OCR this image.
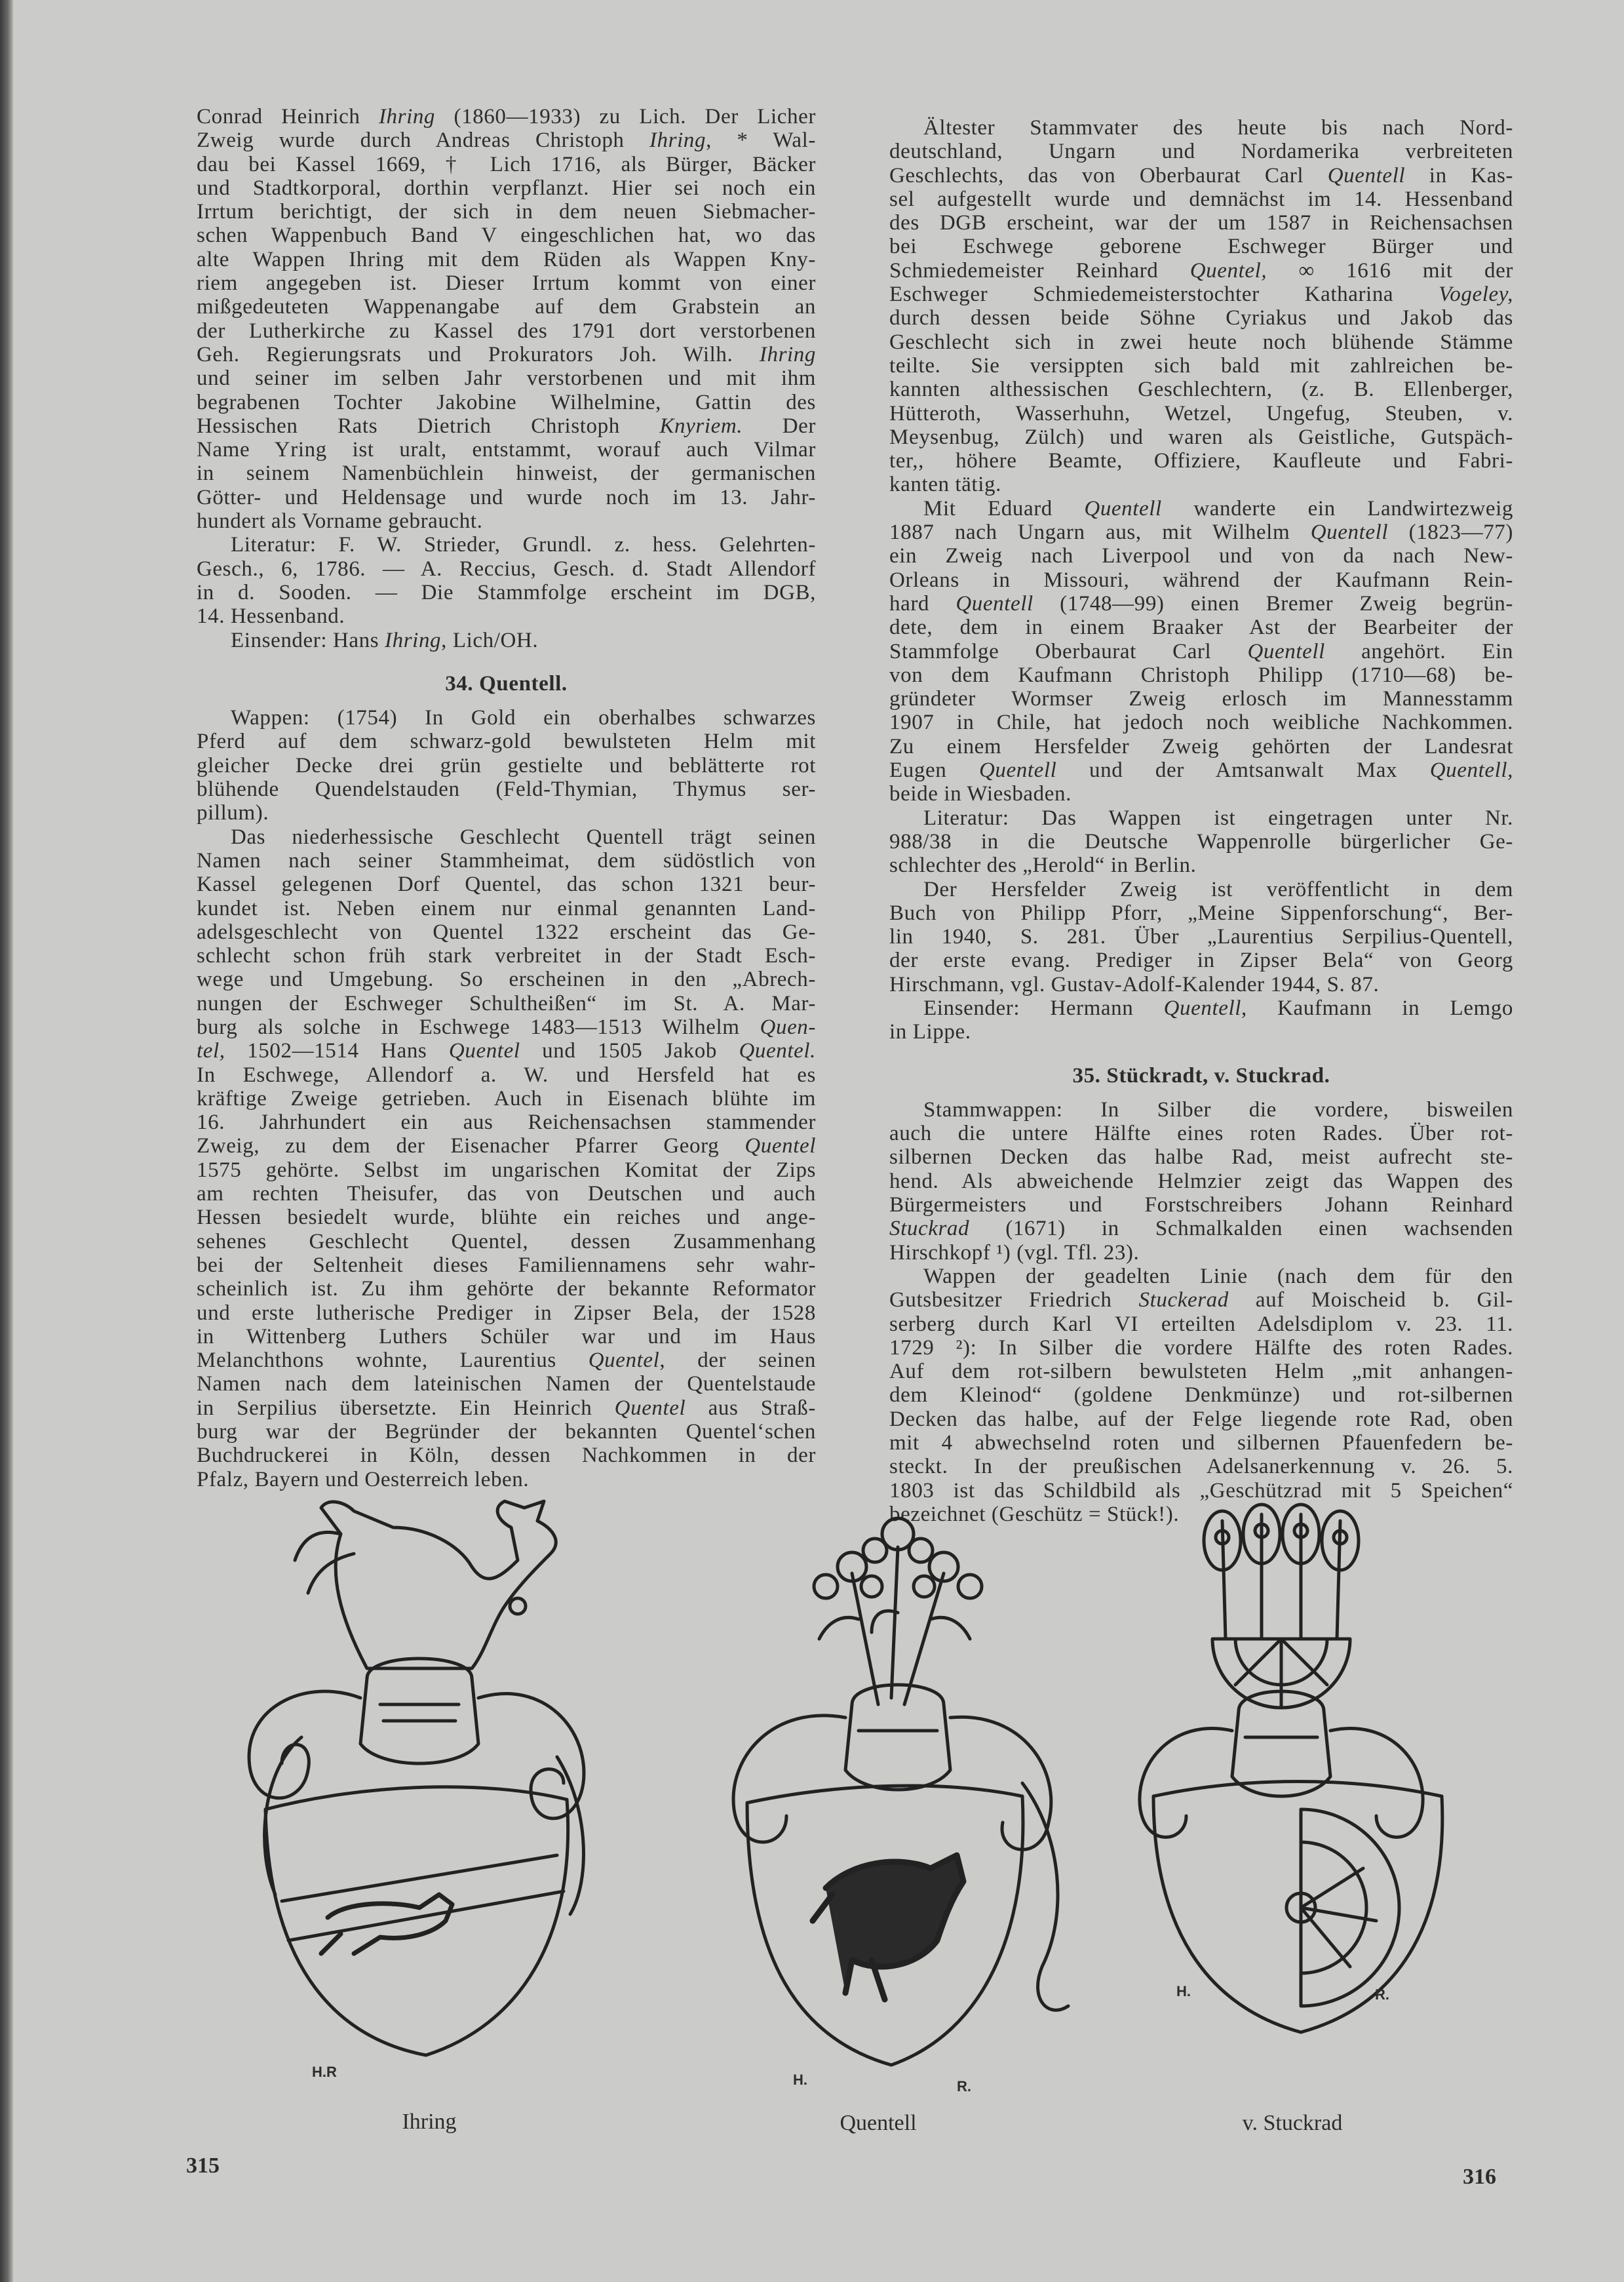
Conrad Heinrich Ihring (1860—1933) zu Lich. Der Licher
Zweig wurde durch Andreas Christoph Ihring, * Wal-
dau bei Kassel 1669, † Lich 1716, als Bürger, Bäcker
und Stadtkorporal, dorthin verpflanzt. Hier sei noch ein
Irrtum berichtigt, der sich in dem neuen Siebmacher-
schen Wappenbuch Band V eingeschlichen hat, wo das
alte Wappen Ihring mit dem Rüden als Wappen Kny-
riem angegeben ist. Dieser Irrtum kommt von einer
mißgedeuteten Wappenangabe auf dem Grabstein an
der Lutherkirche zu Kassel des 1791 dort verstorbenen
Geh. Regierungsrats und Prokurators Joh. Wilh. Ihring
und seiner im selben Jahr verstorbenen und mit ihm
begrabenen Tochter Jakobine Wilhelmine, Gattin des
Hessischen Rats Dietrich Christoph Knyriem. Der
Name Yring ist uralt, entstammt, worauf auch Vilmar
in seinem Namenbüchlein hinweist, der germanischen
Götter- und Heldensage und wurde noch im 13. Jahr-
hundert als Vorname gebraucht.
Literatur: F. W. Strieder, Grundl. z. hess. Gelehrten-
Gesch., 6, 1786. — A. Reccius, Gesch. d. Stadt Allendorf
in d. Sooden. — Die Stammfolge erscheint im DGB,
14. Hessenband.
Einsender: Hans Ihring, Lich/OH.
34. Quentell.
Wappen: (1754) In Gold ein oberhalbes schwarzes
Pferd auf dem schwarz-gold bewulsteten Helm mit
gleicher Decke drei grün gestielte und beblätterte rot
blühende Quendelstauden (Feld-Thymian, Thymus ser-
pillum).
Das niederhessische Geschlecht Quentell trägt seinen
Namen nach seiner Stammheimat, dem südöstlich von
Kassel gelegenen Dorf Quentel, das schon 1321 beur-
kundet ist. Neben einem nur einmal genannten Land-
adelsgeschlecht von Quentel 1322 erscheint das Ge-
schlecht schon früh stark verbreitet in der Stadt Esch-
wege und Umgebung. So erscheinen in den „Abrech-
nungen der Eschweger Schultheißen“ im St. A. Mar-
burg als solche in Eschwege 1483—1513 Wilhelm Quen-
tel, 1502—1514 Hans Quentel und 1505 Jakob Quentel.
In Eschwege, Allendorf a. W. und Hersfeld hat es
kräftige Zweige getrieben. Auch in Eisenach blühte im
16. Jahrhundert ein aus Reichensachsen stammender
Zweig, zu dem der Eisenacher Pfarrer Georg Quentel
1575 gehörte. Selbst im ungarischen Komitat der Zips
am rechten Theisufer, das von Deutschen und auch
Hessen besiedelt wurde, blühte ein reiches und ange-
sehenes Geschlecht Quentel, dessen Zusammenhang
bei der Seltenheit dieses Familiennamens sehr wahr-
scheinlich ist. Zu ihm gehörte der bekannte Reformator
und erste lutherische Prediger in Zipser Bela, der 1528
in Wittenberg Luthers Schüler war und im Haus
Melanchthons wohnte, Laurentius Quentel, der seinen
Namen nach dem lateinischen Namen der Quentelstaude
in Serpilius übersetzte. Ein Heinrich Quentel aus Straß-
burg war der Begründer der bekannten Quentel‘schen
Buchdruckerei in Köln, dessen Nachkommen in der
Pfalz, Bayern und Oesterreich leben.
Ältester Stammvater des heute bis nach Nord-
deutschland, Ungarn und Nordamerika verbreiteten
Geschlechts, das von Oberbaurat Carl Quentell in Kas-
sel aufgestellt wurde und demnächst im 14. Hessenband
des DGB erscheint, war der um 1587 in Reichensachsen
bei Eschwege geborene Eschweger Bürger und
Schmiedemeister Reinhard Quentel, ∞ 1616 mit der
Eschweger Schmiedemeisterstochter Katharina Vogeley,
durch dessen beide Söhne Cyriakus und Jakob das
Geschlecht sich in zwei heute noch blühende Stämme
teilte. Sie versippten sich bald mit zahlreichen be-
kannten althessischen Geschlechtern, (z. B. Ellenberger,
Hütteroth, Wasserhuhn, Wetzel, Ungefug, Steuben, v.
Meysenbug, Zülch) und waren als Geistliche, Gutspäch-
ter,, höhere Beamte, Offiziere, Kaufleute und Fabri-
kanten tätig.
Mit Eduard Quentell wanderte ein Landwirtezweig
1887 nach Ungarn aus, mit Wilhelm Quentell (1823—77)
ein Zweig nach Liverpool und von da nach New-
Orleans in Missouri, während der Kaufmann Rein-
hard Quentell (1748—99) einen Bremer Zweig begrün-
dete, dem in einem Braaker Ast der Bearbeiter der
Stammfolge Oberbaurat Carl Quentell angehört. Ein
von dem Kaufmann Christoph Philipp (1710—68) be-
gründeter Wormser Zweig erlosch im Mannesstamm
1907 in Chile, hat jedoch noch weibliche Nachkommen.
Zu einem Hersfelder Zweig gehörten der Landesrat
Eugen Quentell und der Amtsanwalt Max Quentell,
beide in Wiesbaden.
Literatur: Das Wappen ist eingetragen unter Nr.
988/38 in die Deutsche Wappenrolle bürgerlicher Ge-
schlechter des „Herold“ in Berlin.
Der Hersfelder Zweig ist veröffentlicht in dem
Buch von Philipp Pforr, „Meine Sippenforschung“, Ber-
lin 1940, S. 281. Über „Laurentius Serpilius-Quentell,
der erste evang. Prediger in Zipser Bela“ von Georg
Hirschmann, vgl. Gustav-Adolf-Kalender 1944, S. 87.
Einsender: Hermann Quentell, Kaufmann in Lemgo
in Lippe.
35. Stückradt, v. Stuckrad.
Stammwappen: In Silber die vordere, bisweilen
auch die untere Hälfte eines roten Rades. Über rot-
silbernen Decken das halbe Rad, meist aufrecht ste-
hend. Als abweichende Helmzier zeigt das Wappen des
Bürgermeisters und Forstschreibers Johann Reinhard
Stuckrad (1671) in Schmalkalden einen wachsenden
Hirschkopf ¹) (vgl. Tfl. 23).
Wappen der geadelten Linie (nach dem für den
Gutsbesitzer Friedrich Stuckerad auf Moischeid b. Gil-
serberg durch Karl VI erteilten Adelsdiplom v. 23. 11.
1729 ²): In Silber die vordere Hälfte des roten Rades.
Auf dem rot-silbern bewulsteten Helm „mit anhangen-
dem Kleinod“ (goldene Denkmünze) und rot-silbernen
Decken das halbe, auf der Felge liegende rote Rad, oben
mit 4 abwechselnd roten und silbernen Pfauenfedern be-
steckt. In der preußischen Adelsanerkennung v. 26. 5.
1803 ist das Schildbild als „Geschützrad mit 5 Speichen“
bezeichnet (Geschütz = Stück!).
H.R	H.	R.
H.	R.
Ihring	Quentell	v. Stuckrad
315	316
